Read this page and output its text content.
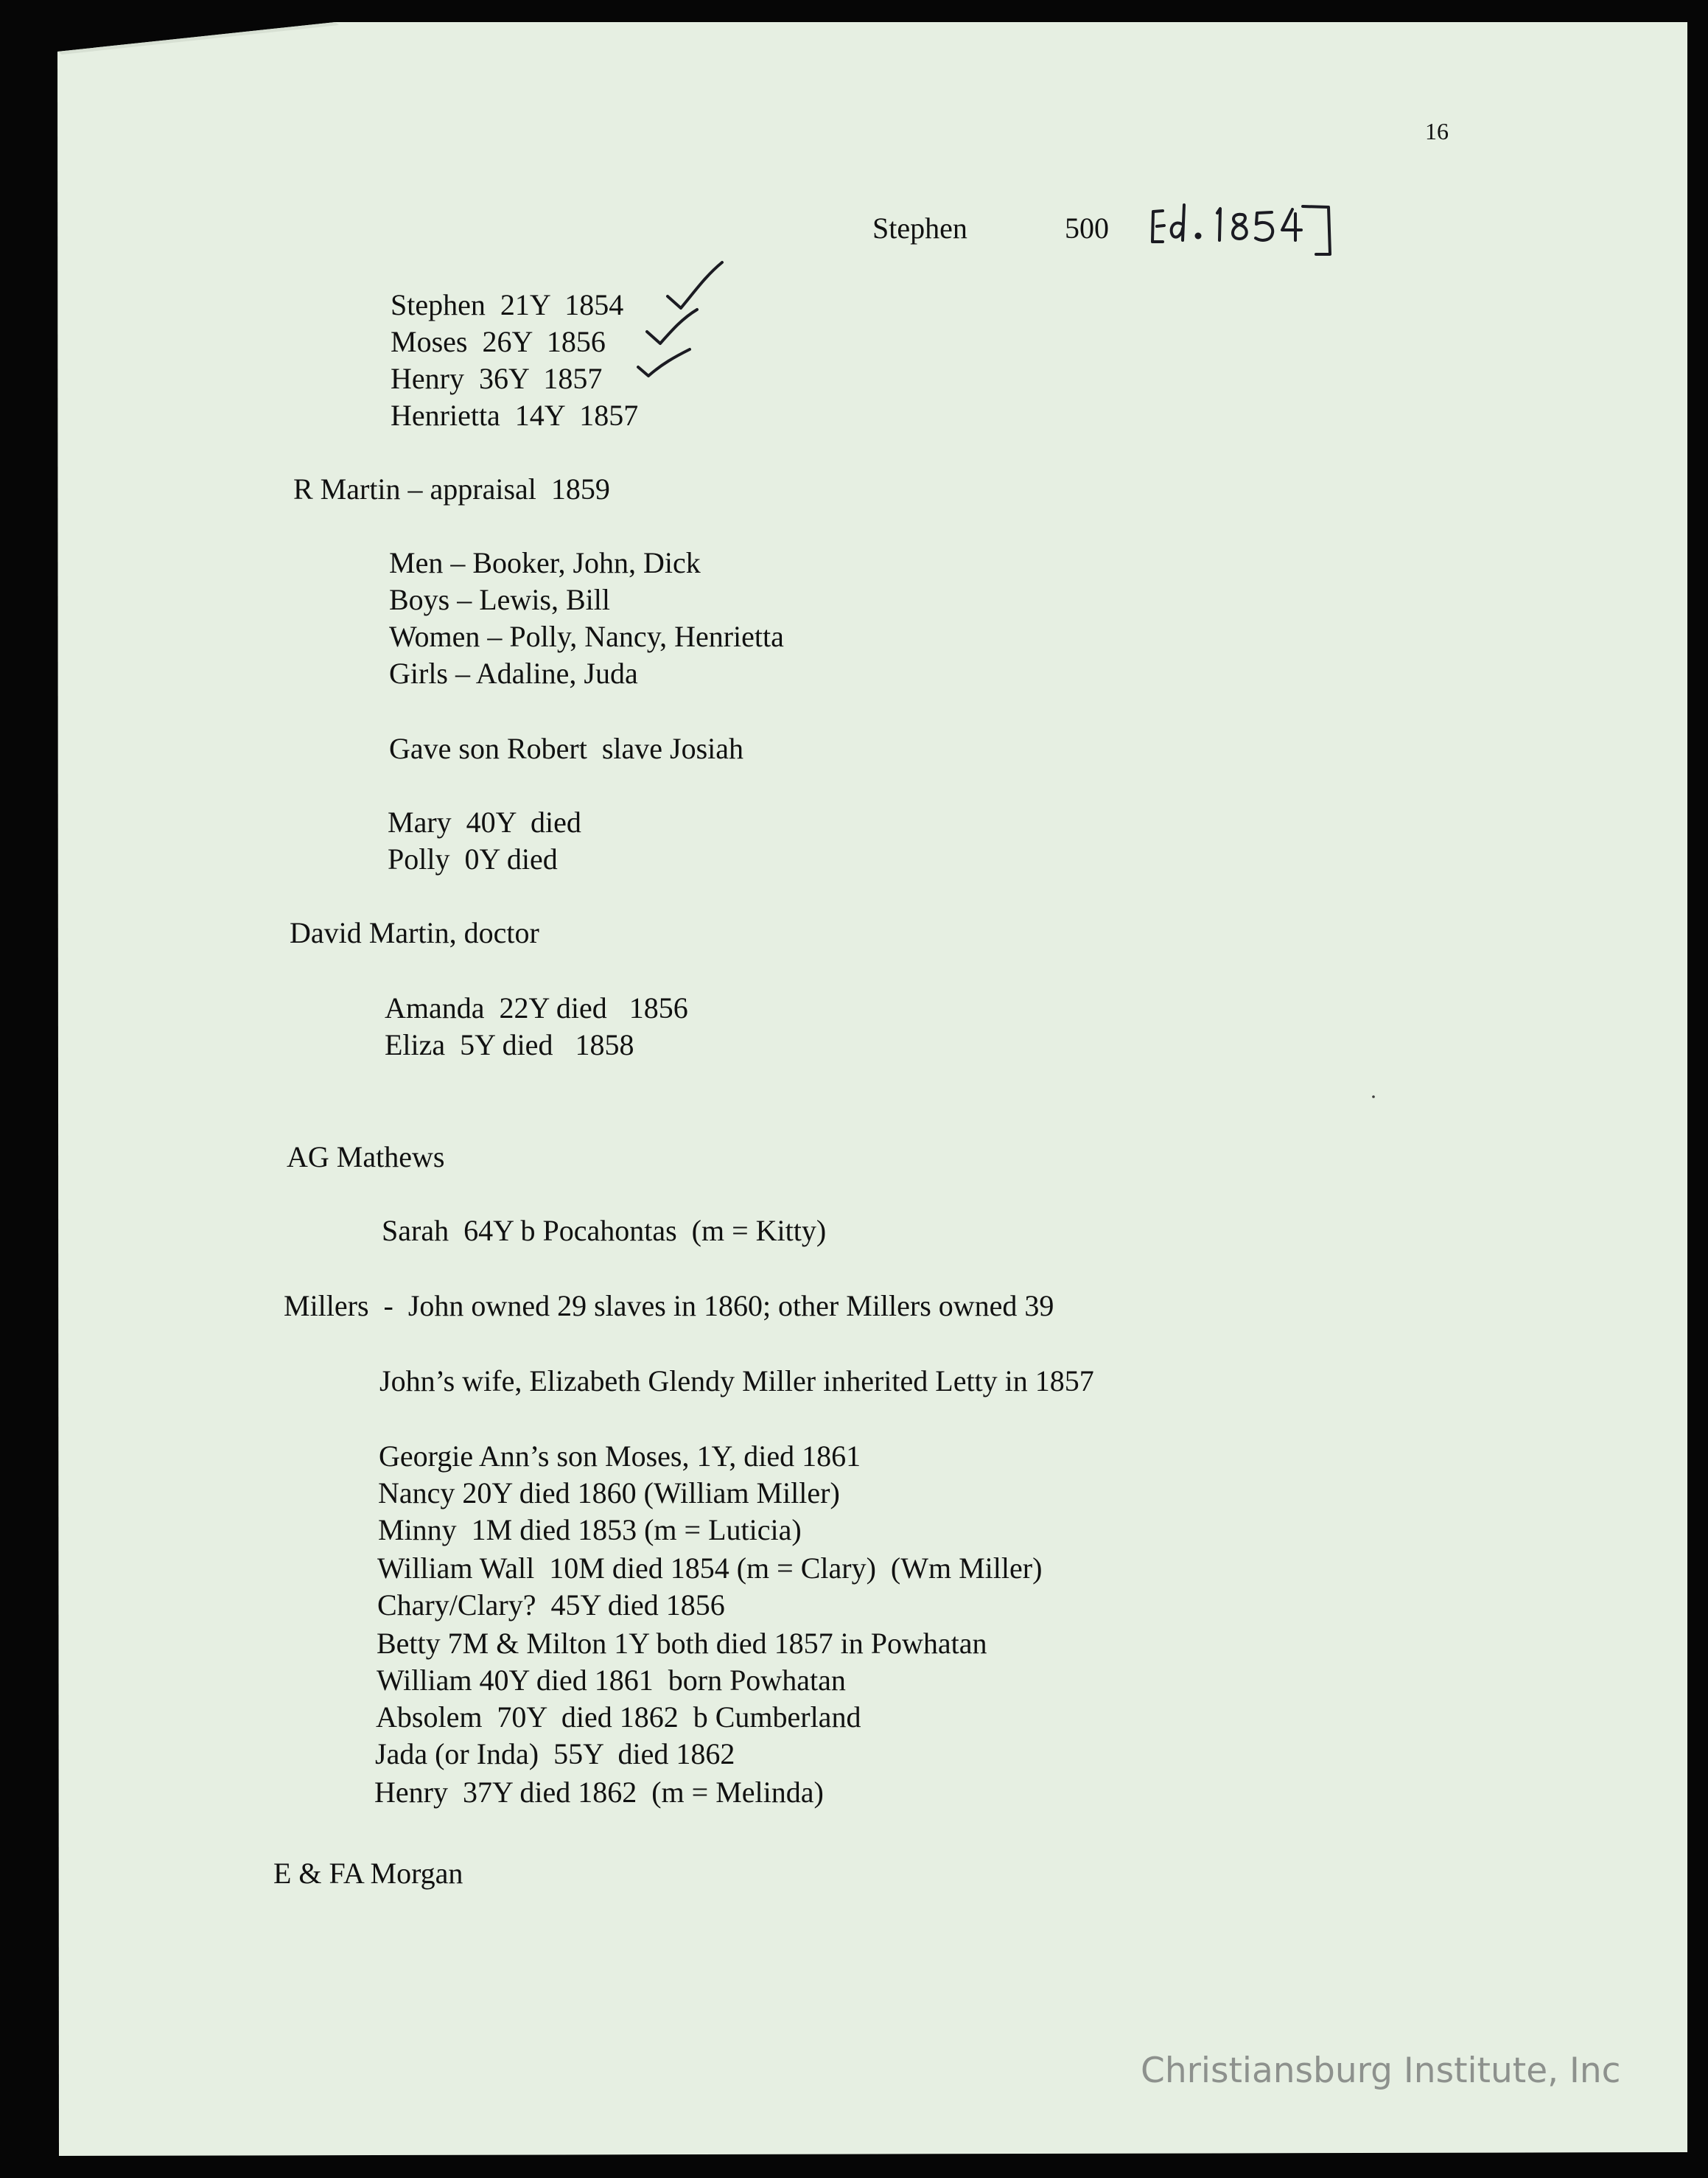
16
Stephen	500
Stephen  21Y  1854
Moses  26Y  1856
Henry  36Y  1857
Henrietta  14Y  1857
R Martin – appraisal  1859
Men – Booker, John, Dick
Boys – Lewis, Bill
Women – Polly, Nancy, Henrietta
Girls – Adaline, Juda
Gave son Robert  slave Josiah
Mary  40Y  died
Polly  0Y died
David Martin, doctor
Amanda  22Y died   1856
Eliza  5Y died   1858
AG Mathews
Sarah  64Y b Pocahontas  (m = Kitty)
Millers  -  John owned 29 slaves in 1860; other Millers owned 39
John’s wife, Elizabeth Glendy Miller inherited Letty in 1857
Georgie Ann’s son Moses, 1Y, died 1861
Nancy 20Y died 1860 (William Miller)
Minny  1M died 1853 (m = Luticia)
William Wall  10M died 1854 (m = Clary)  (Wm Miller)
Chary/Clary?  45Y died 1856
Betty 7M & Milton 1Y both died 1857 in Powhatan
William 40Y died 1861  born Powhatan
Absolem  70Y  died 1862  b Cumberland
Jada (or Inda)  55Y  died 1862
Henry  37Y died 1862  (m = Melinda)
E & FA Morgan
Christiansburg Institute, Inc
